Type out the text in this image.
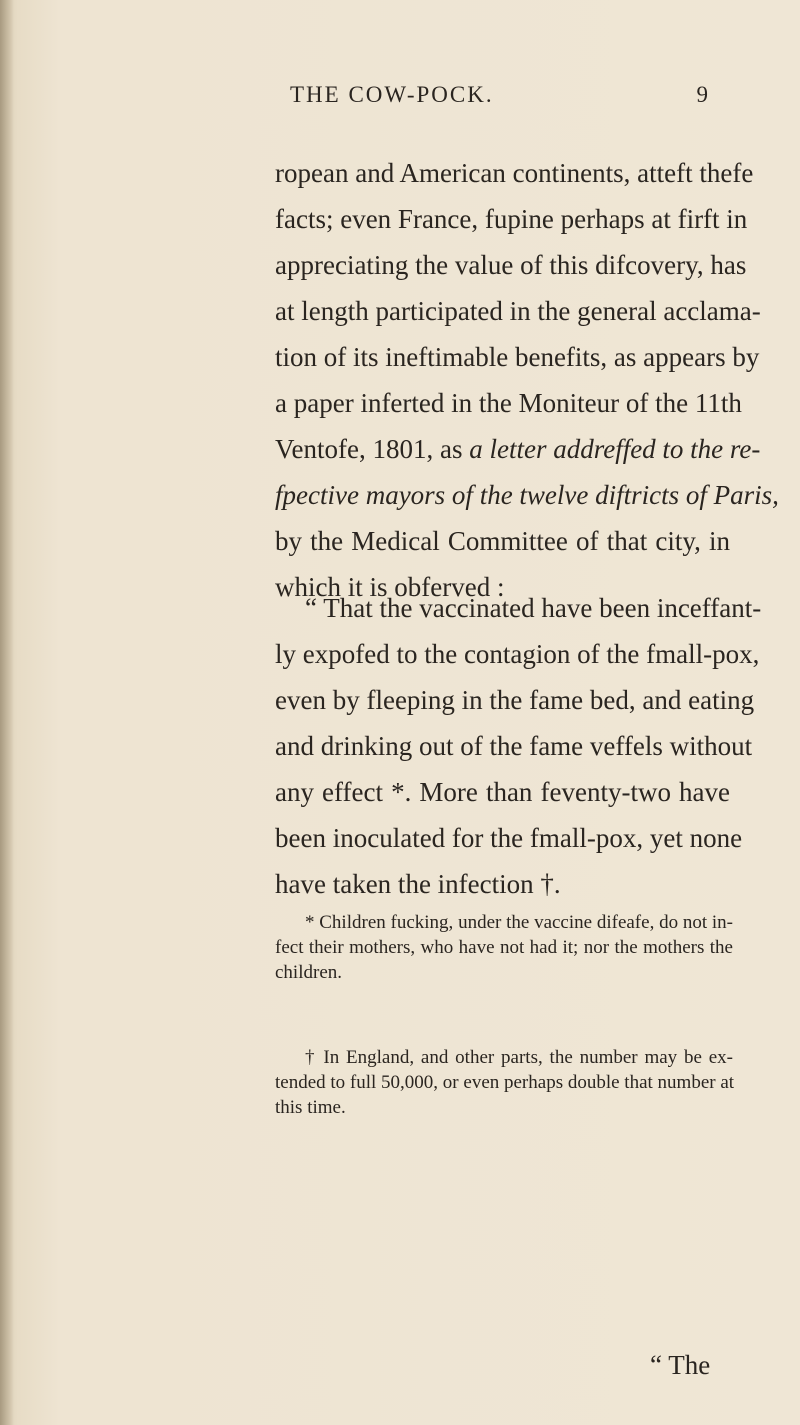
THE COW-POCK.	9
ropean and American continents, atteft thefe
facts; even France, fupine perhaps at firft in
appreciating the value of this difcovery, has
at length participated in the general acclama-
tion of its ineftimable benefits, as appears by
a paper inferted in the Moniteur of the 11th
Ventofe, 1801, as a letter addreffed to the re-
fpective mayors of the twelve diftricts of Paris,
by the Medical Committee of that city, in
which it is obferved :
“ That the vaccinated have been inceffant-
ly expofed to the contagion of the fmall-pox,
even by fleeping in the fame bed, and eating
and drinking out of the fame veffels without
any effect *. More than feventy-two have
been inoculated for the fmall-pox, yet none
have taken the infection †.
* Children fucking, under the vaccine difeafe, do not in-
fect their mothers, who have not had it; nor the mothers the
children.
† In England, and other parts, the number may be ex-
tended to full 50,000, or even perhaps double that number at
this time.
“ The
